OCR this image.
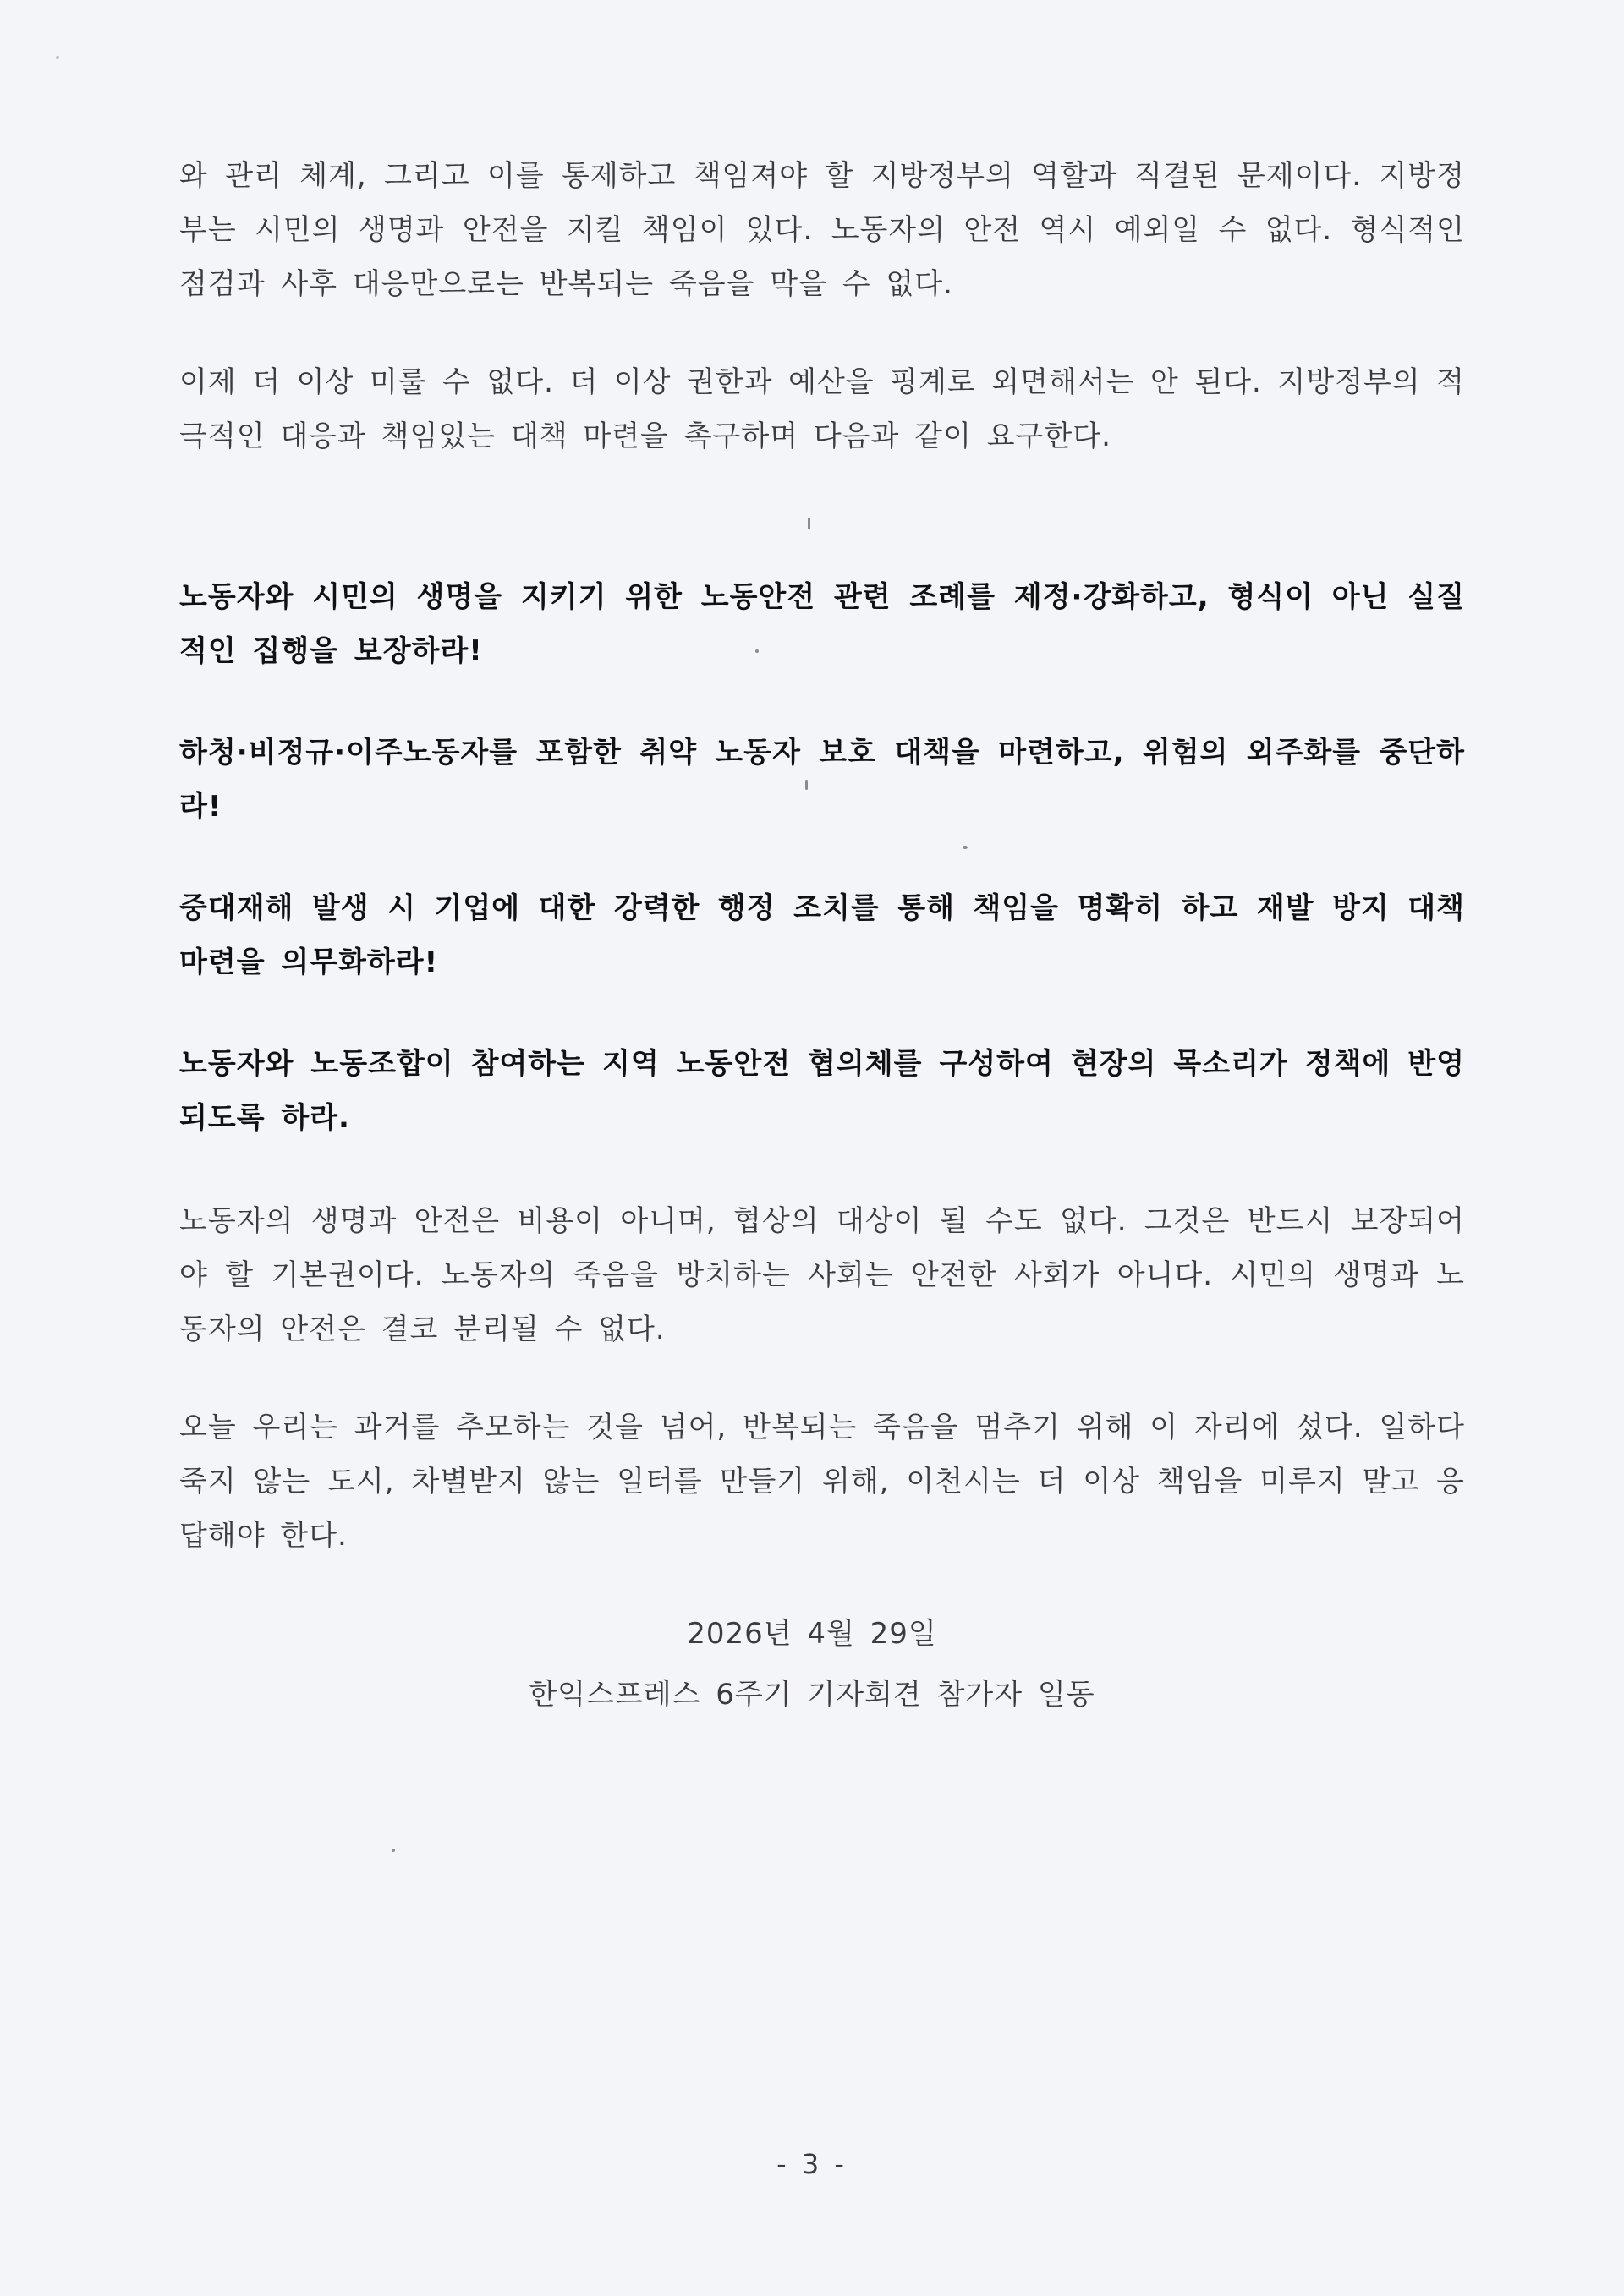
와 관리 체계, 그리고 이를 통제하고 책임져야 할 지방정부의 역할과 직결된 문제이다. 지방정부는 시민의 생명과 안전을 지킬 책임이 있다. 노동자의 안전 역시 예외일 수 없다. 형식적인 점검과 사후 대응만으로는 반복되는 죽음을 막을 수 없다.

이제 더 이상 미룰 수 없다. 더 이상 권한과 예산을 핑계로 외면해서는 안 된다. 지방정부의 적극적인 대응과 책임있는 대책 마련을 촉구하며 다음과 같이 요구한다.

노동자와 시민의 생명을 지키기 위한 노동안전 관련 조례를 제정·강화하고, 형식이 아닌 실질적인 집행을 보장하라!

하청·비정규·이주노동자를 포함한 취약 노동자 보호 대책을 마련하고, 위험의 외주화를 중단하라!

중대재해 발생 시 기업에 대한 강력한 행정 조치를 통해 책임을 명확히 하고 재발 방지 대책 마련을 의무화하라!

노동자와 노동조합이 참여하는 지역 노동안전 협의체를 구성하여 현장의 목소리가 정책에 반영되도록 하라.

노동자의 생명과 안전은 비용이 아니며, 협상의 대상이 될 수도 없다. 그것은 반드시 보장되어야 할 기본권이다. 노동자의 죽음을 방치하는 사회는 안전한 사회가 아니다. 시민의 생명과 노동자의 안전은 결코 분리될 수 없다.

오늘 우리는 과거를 추모하는 것을 넘어, 반복되는 죽음을 멈추기 위해 이 자리에 섰다. 일하다 죽지 않는 도시, 차별받지 않는 일터를 만들기 위해, 이천시는 더 이상 책임을 미루지 말고 응답해야 한다.

2026년 4월 29일

한익스프레스 6주기 기자회견 참가자 일동

- 3 -
